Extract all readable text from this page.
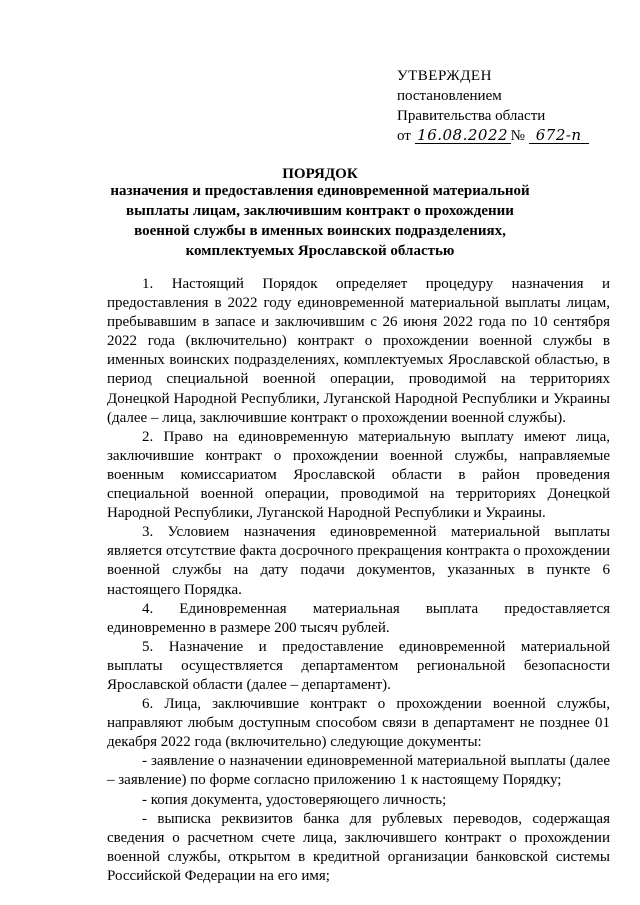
УТВЕРЖДЕН
постановлением
Правительства области
от 16.08.2022 № 672-п
ПОРЯДОК
назначения и предоставления единовременной материальной выплаты лицам, заключившим контракт о прохождении военной службы в именных воинских подразделениях, комплектуемых Ярославской областью

1. Настоящий Порядок определяет процедуру назначения и предоставления в 2022 году единовременной материальной выплаты лицам, пребывавшим в запасе и заключившим с 26 июня 2022 года по 10 сентября 2022 года (включительно) контракт о прохождении военной службы в именных воинских подразделениях, комплектуемых Ярославской областью, в период специальной военной операции, проводимой на территориях Донецкой Народной Республики, Луганской Народной Республики и Украины (далее – лица, заключившие контракт о прохождении военной службы).

2. Право на единовременную материальную выплату имеют лица, заключившие контракт о прохождении военной службы, направляемые военным комиссариатом Ярославской области в район проведения специальной военной операции, проводимой на территориях Донецкой Народной Республики, Луганской Народной Республики и Украины.

3. Условием назначения единовременной материальной выплаты является отсутствие факта досрочного прекращения контракта о прохождении военной службы на дату подачи документов, указанных в пункте 6 настоящего Порядка.

4. Единовременная материальная выплата предоставляется единовременно в размере 200 тысяч рублей.

5. Назначение и предоставление единовременной материальной выплаты осуществляется департаментом региональной безопасности Ярославской области (далее – департамент).

6. Лица, заключившие контракт о прохождении военной службы, направляют любым доступным способом связи в департамент не позднее 01 декабря 2022 года (включительно) следующие документы:

- заявление о назначении единовременной материальной выплаты (далее – заявление) по форме согласно приложению 1 к настоящему Порядку;

- копия документа, удостоверяющего личность;

- выписка реквизитов банка для рублевых переводов, содержащая сведения о расчетном счете лица, заключившего контракт о прохождении военной службы, открытом в кредитной организации банковской системы Российской Федерации на его имя;
